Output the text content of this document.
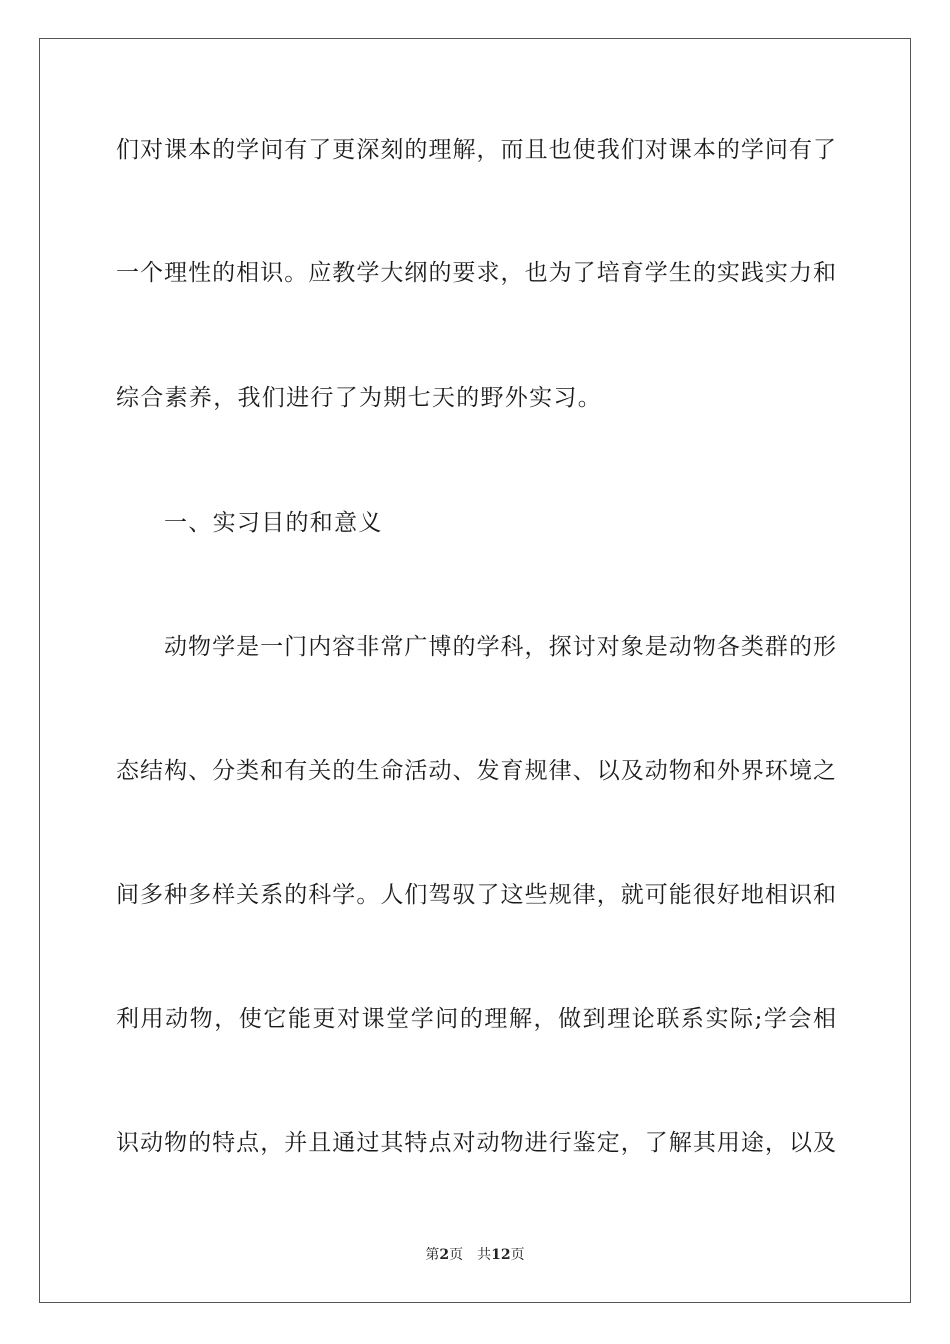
们对课本的学问有了更深刻的理解，而且也使我们对课本的学问有了
一个理性的相识。应教学大纲的要求，也为了培育学生的实践实力和
综合素养，我们进行了为期七天的野外实习。
一、实习目的和意义
动物学是一门内容非常广博的学科，探讨对象是动物各类群的形
态结构、分类和有关的生命活动、发育规律、以及动物和外界环境之
间多种多样关系的科学。人们驾驭了这些规律，就可能很好地相识和
利用动物，使它能更对课堂学问的理解，做到理论联系实际;学会相
识动物的特点，并且通过其特点对动物进行鉴定，了解其用途，以及
第2页 共12页
